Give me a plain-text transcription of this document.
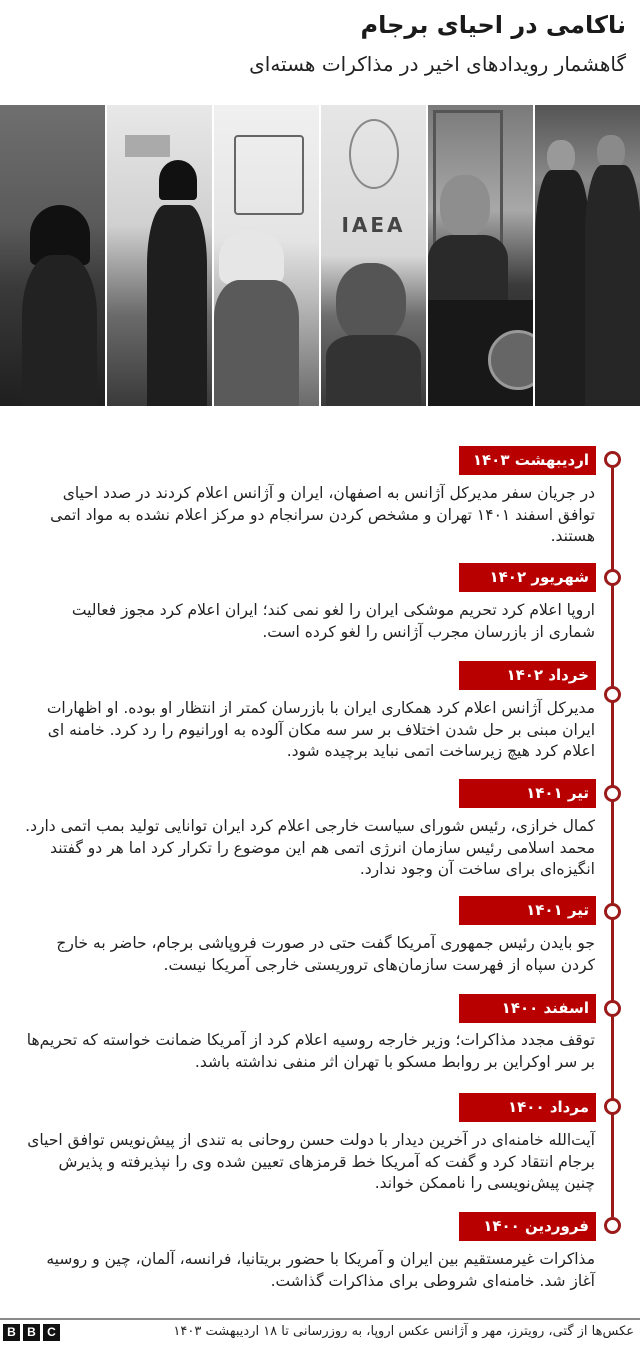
ناکامی در احیای برجام
گاهشمار رویدادهای اخیر در مذاکرات هسته‌ای
IAEA
اردیبهشت ۱۴۰۳
در جریان سفر مدیرکل آژانس به اصفهان، ایران و آژانس اعلام کردند در صدد احیای توافق اسفند ۱۴۰۱ تهران و مشخص کردن سرانجام دو مرکز اعلام نشده به مواد اتمی هستند.
شهریور ۱۴۰۲
اروپا اعلام کرد تحریم موشکی ایران را لغو نمی کند؛ ایران اعلام کرد مجوز فعالیت شماری از بازرسان مجرب آژانس را لغو کرده است.
خرداد ۱۴۰۲
مدیرکل آژانس اعلام کرد همکاری ایران با بازرسان کمتر از انتظار او بوده. او اظهارات ایران مبنی بر حل شدن اختلاف بر سر سه مکان آلوده به اورانیوم را رد کرد. خامنه ای اعلام کرد هیچ زیرساخت اتمی نباید برچیده شود.
تیر ۱۴۰۱
کمال خرازی، رئیس شورای سیاست خارجی اعلام کرد ایران توانایی تولید بمب اتمی دارد. محمد اسلامی رئیس سازمان انرژی اتمی هم این موضوع را تکرار کرد اما هر دو گفتند انگیزه‌ای برای ساخت آن وجود ندارد.
تیر ۱۴۰۱
جو بایدن رئیس جمهوری آمریکا گفت حتی در صورت فروپاشی برجام، حاضر به خارج کردن سپاه از فهرست سازمان‌های تروریستی خارجی آمریکا نیست.
اسفند ۱۴۰۰
توقف مجدد مذاکرات؛ وزیر خارجه روسیه اعلام کرد از آمریکا ضمانت خواسته که تحریم‌ها بر سر اوکراین بر روابط مسکو با تهران اثر منفی نداشته باشد.
مرداد ۱۴۰۰
آیت‌الله خامنه‌ای در آخرین دیدار با دولت حسن روحانی به تندی از پیش‌نویس توافق احیای برجام انتقاد کرد و گفت که آمریکا خط قرمزهای تعیین شده وی را نپذیرفته و پذیرش چنین پیش‌نویسی را ناممکن خواند.
فروردین ۱۴۰۰
مذاکرات غیرمستقیم بین ایران و آمریکا با حضور بریتانیا، فرانسه، آلمان، چین و روسیه آغاز شد. خامنه‌ای شروطی برای مذاکرات گذاشت.
عکس‌ها از گتی، رویترز، مهر و آژانس عکس اروپا، به روزرسانی تا ۱۸ اردیبهشت ۱۴۰۳
B B C
